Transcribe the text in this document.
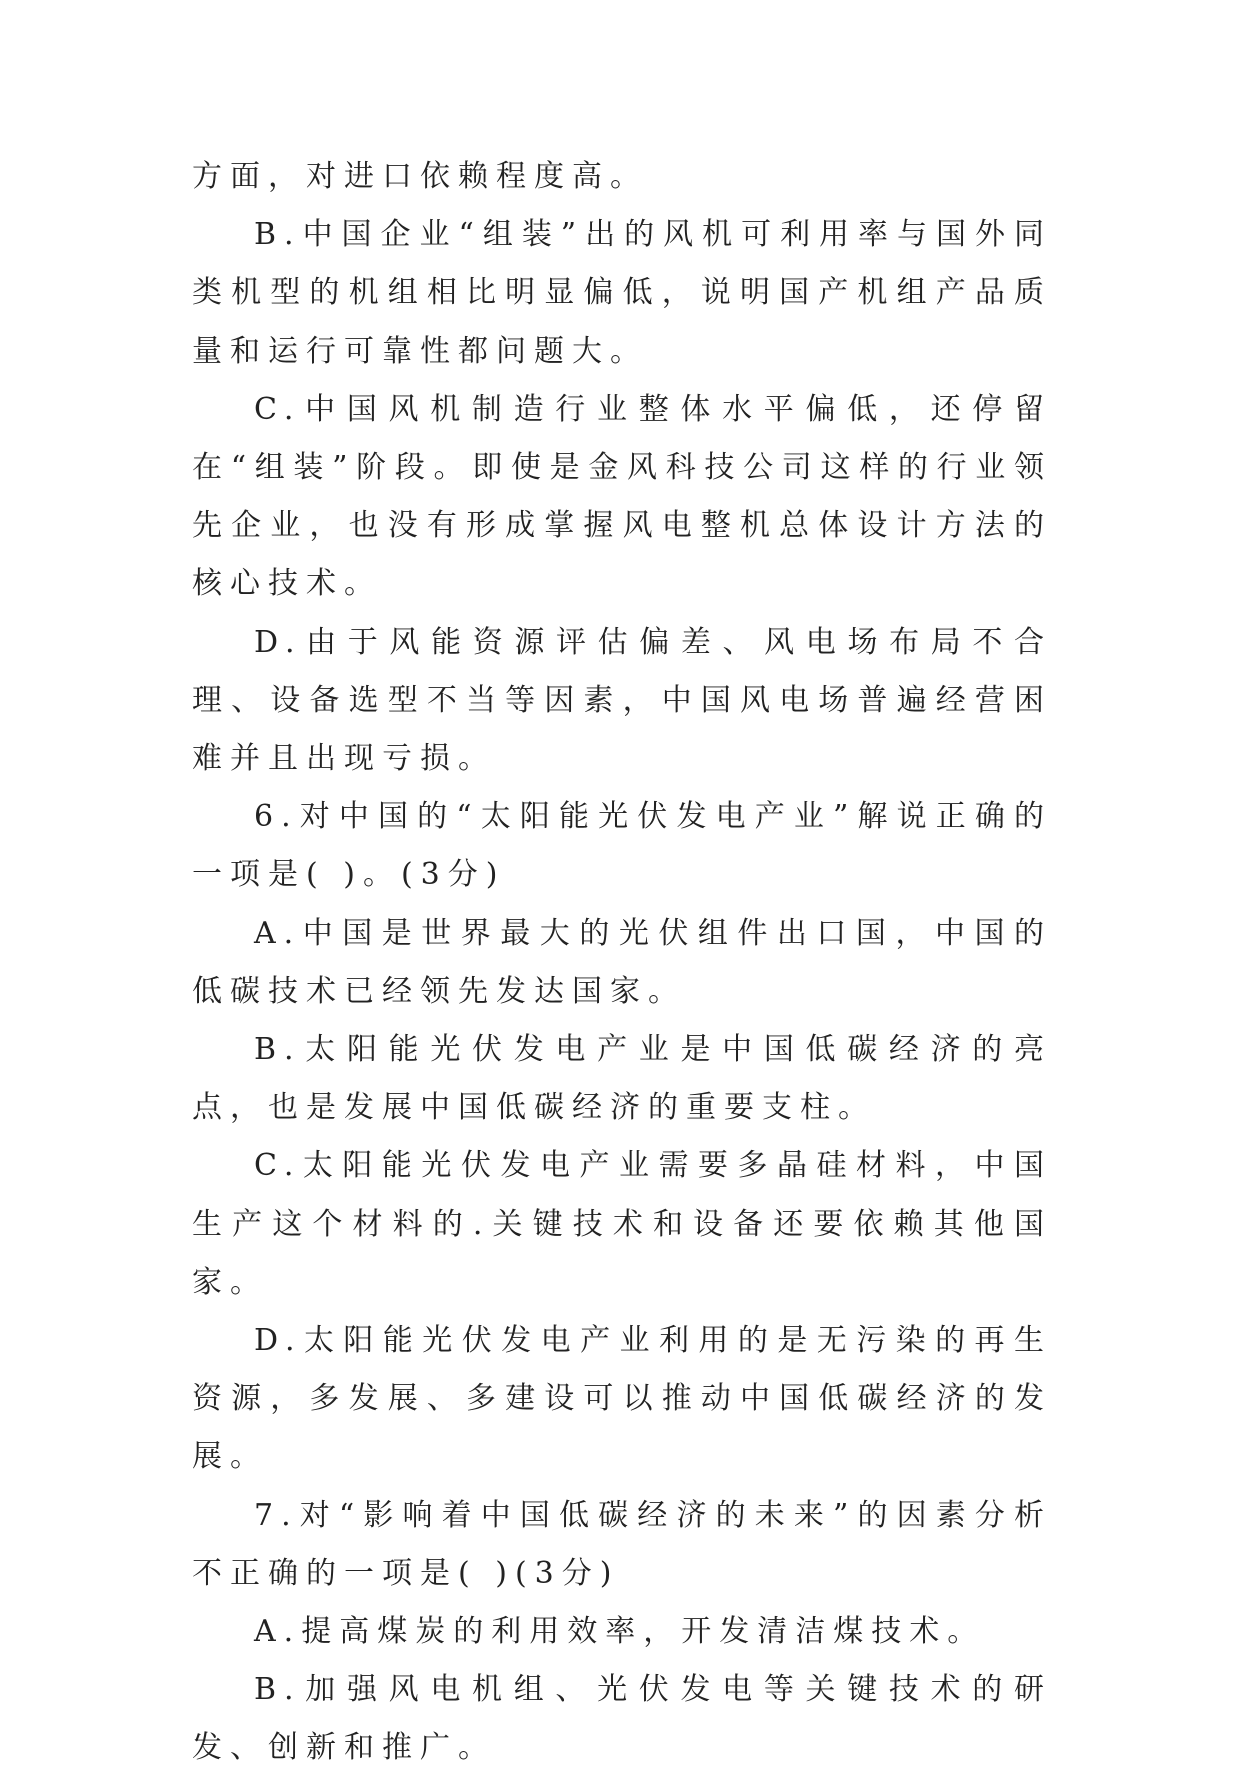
方面，对进口依赖程度高。

B.中国企业“组装”出的风机可利用率与国外同类机型的机组相比明显偏低，说明国产机组产品质量和运行可靠性都问题大。

C.中国风机制造行业整体水平偏低，还停留在“组装”阶段。即使是金风科技公司这样的行业领先企业，也没有形成掌握风电整机总体设计方法的核心技术。

D.由于风能资源评估偏差、风电场布局不合理、设备选型不当等因素，中国风电场普遍经营困难并且出现亏损。

6.对中国的“太阳能光伏发电产业”解说正确的一项是( )。(3分)

A.中国是世界最大的光伏组件出口国，中国的低碳技术已经领先发达国家。

B.太阳能光伏发电产业是中国低碳经济的亮点，也是发展中国低碳经济的重要支柱。

C.太阳能光伏发电产业需要多晶硅材料，中国生产这个材料的.关键技术和设备还要依赖其他国家。

D.太阳能光伏发电产业利用的是无污染的再生资源，多发展、多建设可以推动中国低碳经济的发展。

7.对“影响着中国低碳经济的未来”的因素分析不正确的一项是( )(3分)

A.提高煤炭的利用效率，开发清洁煤技术。

B.加强风电机组、光伏发电等关键技术的研发、创新和推广。
